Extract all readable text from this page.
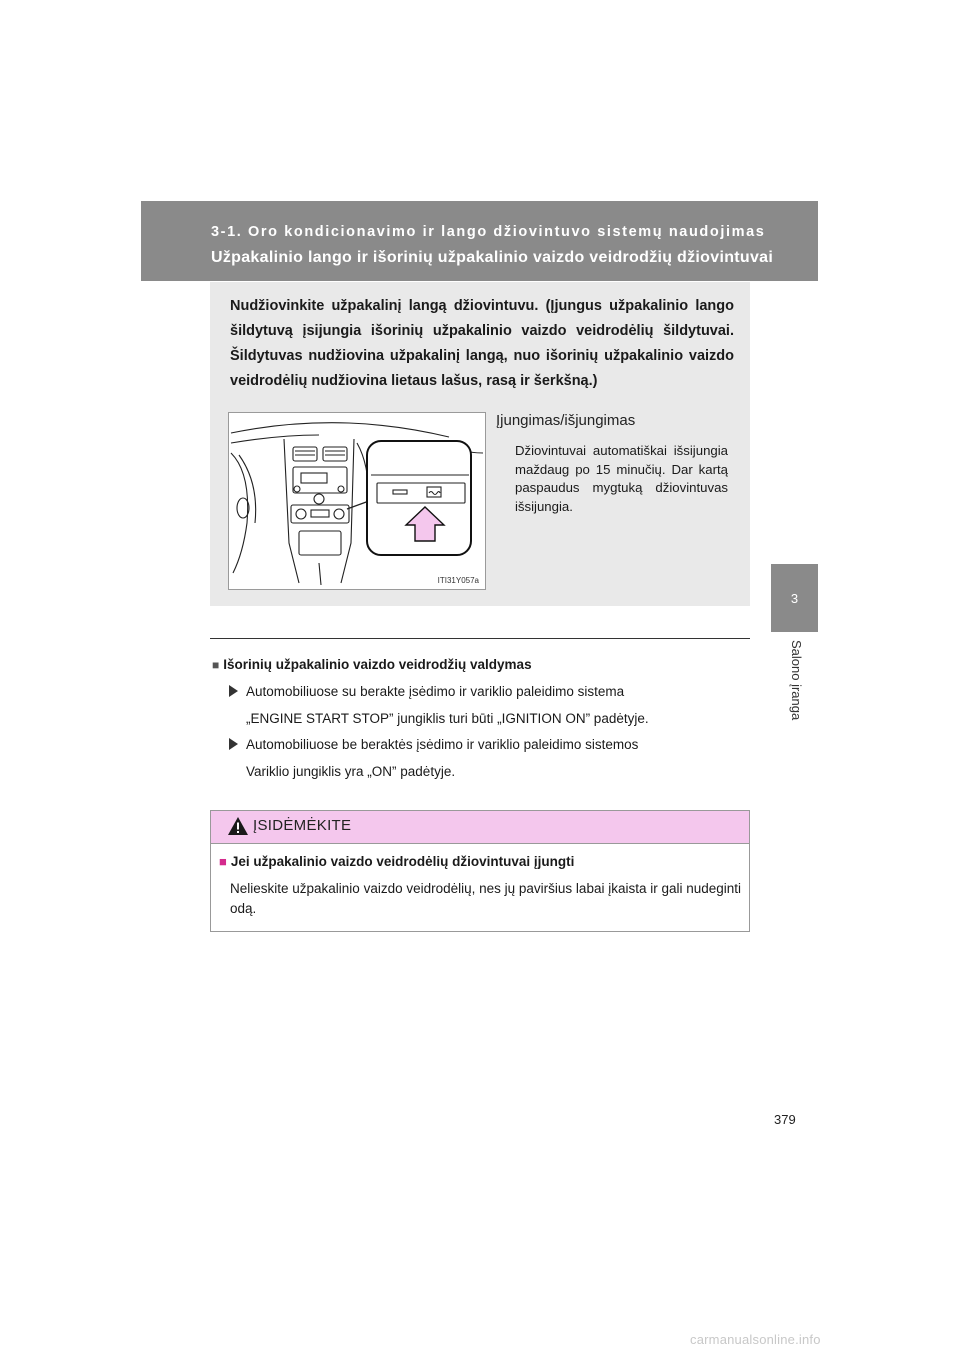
3-1. Oro kondicionavimo ir lango džiovintuvo sistemų naudojimas
Užpakalinio lango ir išorinių užpakalinio vaizdo veidrodžių džiovintuvai
3
Salono įranga
Nudžiovinkite užpakalinį langą džiovintuvu. (Įjungus užpakalinio lango šildytuvą įsijungia išorinių užpakalinio vaizdo veidrodėlių šildytuvai. Šildytuvas nudžiovina užpakalinį langą, nuo išorinių užpakalinio vaizdo veidrodėlių nudžiovina lietaus lašus, rasą ir šerkšną.)
ITI31Y057a
Įjungimas/išjungimas
Džiovintuvai automatiškai išsijungia maždaug po 15 minučių. Dar kartą paspaudus mygtuką džiovintuvas išsijungia.
■ Išorinių užpakalinio vaizdo veidrodžių valdymas
Automobiliuose su berakte įsėdimo ir variklio paleidimo sistema
„ENGINE START STOP” jungiklis turi būti „IGNITION ON” padėtyje.
Automobiliuose be beraktės įsėdimo ir variklio paleidimo sistemos
Variklio jungiklis yra „ON” padėtyje.
ĮSIDĖMĖKITE
■ Jei užpakalinio vaizdo veidrodėlių džiovintuvai įjungti
Nelieskite užpakalinio vaizdo veidrodėlių, nes jų paviršius labai įkaista ir gali nudeginti odą.
379
carmanualsonline.info
